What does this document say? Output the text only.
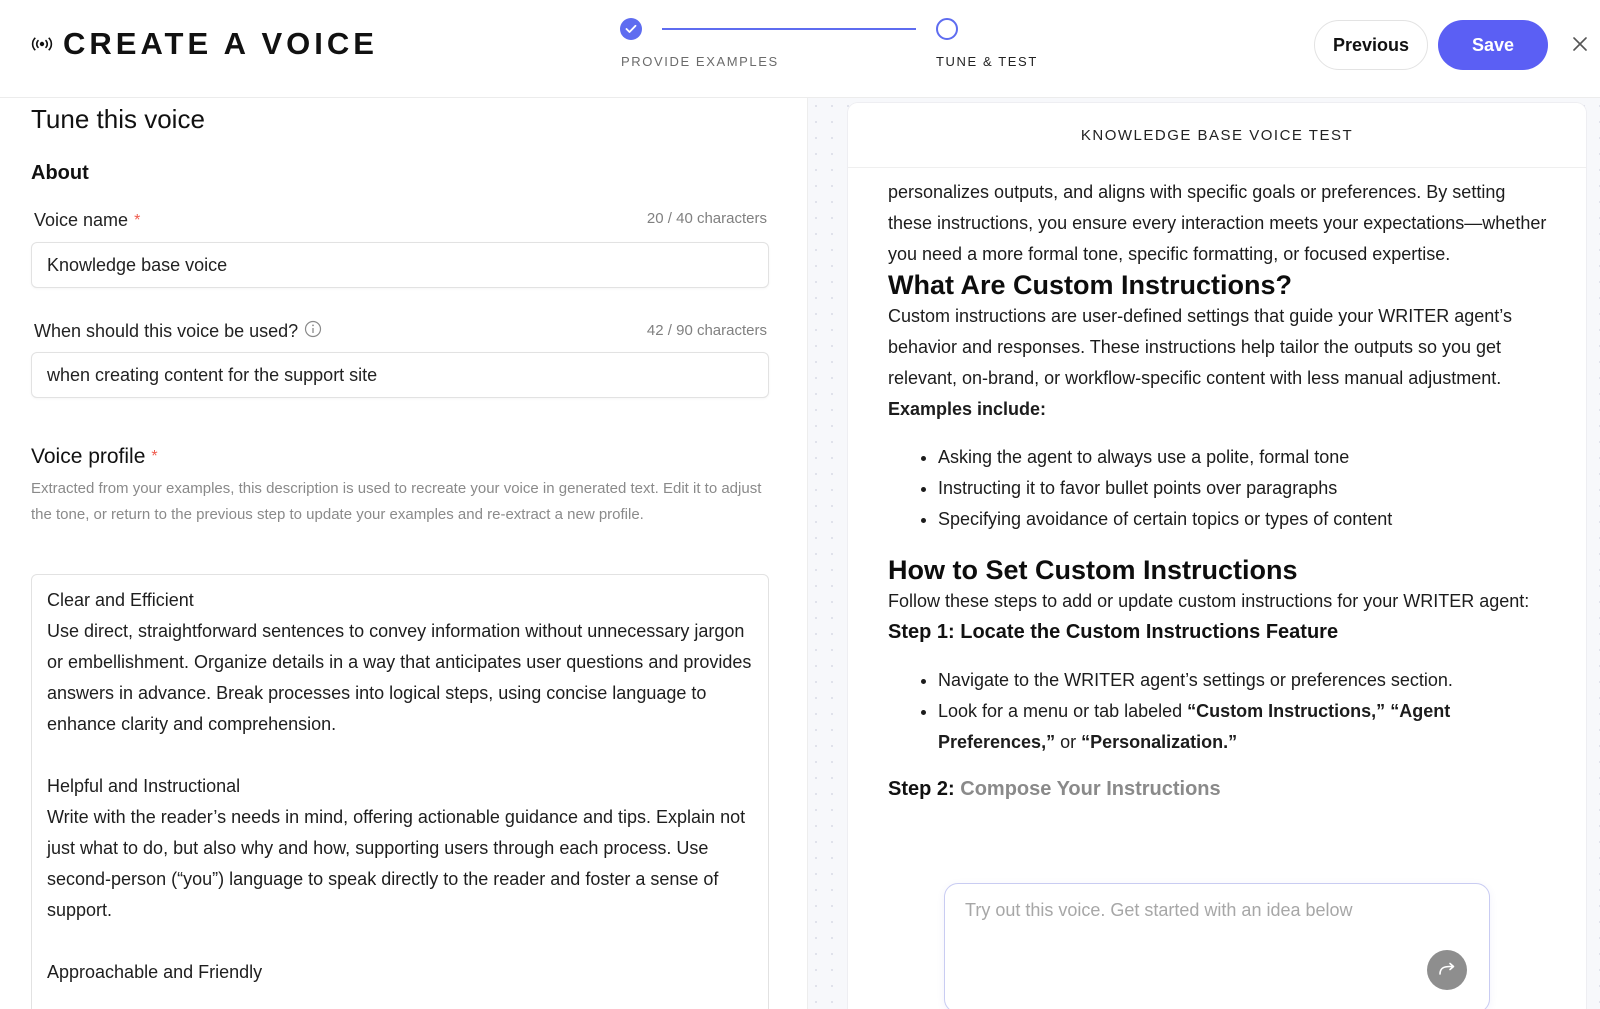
CREATE A VOICE
PROVIDE EXAMPLES	TUNE & TEST
Previous	Save
Tune this voice
About
Voice name *	20 / 40 characters
Knowledge base voice
When should this voice be used?	42 / 90 characters
when creating content for the support site
Voice profile *
Extracted from your examples, this description is used to recreate your voice in generated text. Edit it to adjust the tone, or return to the previous step to update your examples and re-extract a new profile.
Clear and Efficient
Use direct, straightforward sentences to convey information without unnecessary jargon or embellishment. Organize details in a way that anticipates user questions and provides answers in advance. Break processes into logical steps, using concise language to enhance clarity and comprehension.
Helpful and Instructional
Write with the reader’s needs in mind, offering actionable guidance and tips. Explain not just what to do, but also why and how, supporting users through each process. Use second-person (“you”) language to speak directly to the reader and foster a sense of support.
Approachable and Friendly
KNOWLEDGE BASE VOICE TEST

personalizes outputs, and aligns with specific goals or preferences. By setting these instructions, you ensure every interaction meets your expectations—whether you need a more formal tone, specific formatting, or focused expertise.

What Are Custom Instructions?

Custom instructions are user-defined settings that guide your WRITER agent’s behavior and responses. These instructions help tailor the outputs so you get relevant, on-brand, or workflow-specific content with less manual adjustment.

Examples include:

• Asking the agent to always use a polite, formal tone
• Instructing it to favor bullet points over paragraphs
• Specifying avoidance of certain topics or types of content
How to Set Custom Instructions

Follow these steps to add or update custom instructions for your WRITER agent:

Step 1: Locate the Custom Instructions Feature
• Navigate to the WRITER agent’s settings or preferences section.
• Look for a menu or tab labeled “Custom Instructions,” “Agent Preferences,” or “Personalization.”
Step 2: Compose Your Instructions
Try out this voice. Get started with an idea below
